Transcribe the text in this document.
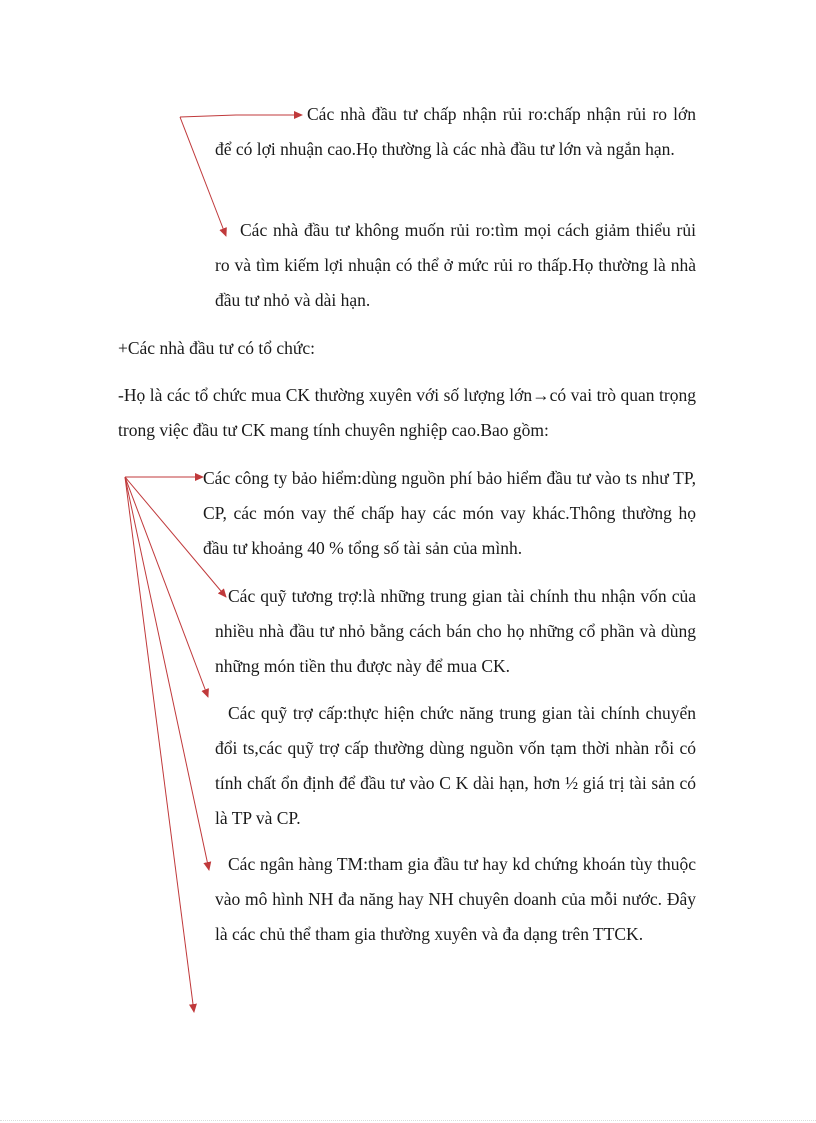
Các nhà đầu tư chấp nhận rủi ro:chấp nhận rủi ro lớn để có lợi nhuận cao.Họ thường là các nhà đầu tư lớn và ngắn hạn.

Các nhà đầu tư không muốn rủi ro:tìm mọi cách giảm thiểu rủi ro và tìm kiếm lợi nhuận có thể ở mức rủi ro thấp.Họ thường là nhà đầu tư nhỏ và dài hạn.

+Các nhà đầu tư có tổ chức:

-Họ là các tổ chức mua CK thường xuyên với số lượng lớn→có vai trò quan trọng trong việc đầu tư CK mang tính chuyên nghiệp cao.Bao gồm:

Các công ty bảo hiểm:dùng nguồn phí bảo hiểm đầu tư vào ts như TP, CP, các món vay thế chấp hay các món vay khác.Thông thường họ đầu tư khoảng 40 % tổng số tài sản của mình.

Các quỹ tương trợ:là những trung gian tài chính thu nhận vốn của nhiều nhà đầu tư nhỏ bằng cách bán cho họ những cổ phần và dùng những món tiền thu được này để mua CK.

Các quỹ trợ cấp:thực hiện chức năng trung gian tài chính chuyển đổi ts,các quỹ trợ cấp thường dùng nguồn vốn tạm thời nhàn rỗi có tính chất ổn định để đầu tư vào C K dài hạn, hơn ½ giá trị tài sản có là TP và CP.

Các ngân hàng TM:tham gia đầu tư hay kd chứng khoán tùy thuộc vào mô hình NH đa năng hay NH chuyên doanh của mỗi nước. Đây là các chủ thể tham gia thường xuyên và đa dạng trên TTCK.
